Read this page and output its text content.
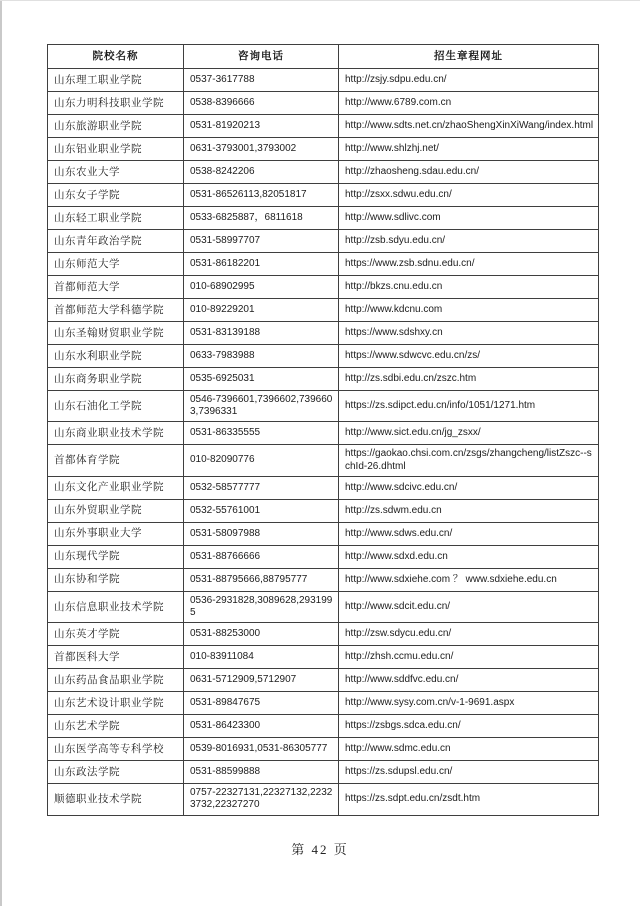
院校名称	咨询电话	招生章程网址
山东理工职业学院	0537-3617788	http://zsjy.sdpu.edu.cn/
山东力明科技职业学院	0538-8396666	http://www.6789.com.cn
山东旅游职业学院	0531-81920213	http://www.sdts.net.cn/zhaoShengXinXiWang/index.html
山东铝业职业学院	0631-3793001,3793002	http://www.shlzhj.net/
山东农业大学	0538-8242206	http://zhaosheng.sdau.edu.cn/
山东女子学院	0531-86526113,82051817	http://zsxx.sdwu.edu.cn/
山东轻工职业学院	0533-6825887，6811618	http://www.sdlivc.com
山东青年政治学院	0531-58997707	http://zsb.sdyu.edu.cn/
山东师范大学	0531-86182201	https://www.zsb.sdnu.edu.cn/
首都师范大学	010-68902995	http://bkzs.cnu.edu.cn
首都师范大学科德学院	010-89229201	http://www.kdcnu.com
山东圣翰财贸职业学院	0531-83139188	https://www.sdshxy.cn
山东水利职业学院	0633-7983988	https://www.sdwcvc.edu.cn/zs/
山东商务职业学院	0535-6925031	http://zs.sdbi.edu.cn/zszc.htm
山东石油化工学院	0546-7396601,7396602,7396603,7396331	https://zs.sdipct.edu.cn/info/1051/1271.htm
山东商业职业技术学院	0531-86335555	http://www.sict.edu.cn/jg_zsxx/
首都体育学院	010-82090776	https://gaokao.chsi.com.cn/zsgs/zhangcheng/listZszc--schId-26.dhtml
山东文化产业职业学院	0532-58577777	http://www.sdcivc.edu.cn/
山东外贸职业学院	0532-55761001	http://zs.sdwm.edu.cn
山东外事职业大学	0531-58097988	http://www.sdws.edu.cn/
山东现代学院	0531-88766666	http://www.sdxd.edu.cn
山东协和学院	0531-88795666,88795777	http://www.sdxiehe.com ？ www.sdxiehe.edu.cn
山东信息职业技术学院	0536-2931828,3089628,2931995	http://www.sdcit.edu.cn/
山东英才学院	0531-88253000	http://zsw.sdycu.edu.cn/
首都医科大学	010-83911084	http://zhsh.ccmu.edu.cn/
山东药品食品职业学院	0631-5712909,5712907	http://www.sddfvc.edu.cn/
山东艺术设计职业学院	0531-89847675	http://www.sysy.com.cn/v-1-9691.aspx
山东艺术学院	0531-86423300	https://zsbgs.sdca.edu.cn/
山东医学高等专科学校	0539-8016931,0531-86305777	http://www.sdmc.edu.cn
山东政法学院	0531-88599888	https://zs.sdupsl.edu.cn/
顺德职业技术学院	0757-22327131,22327132,22323732,22327270	https://zs.sdpt.edu.cn/zsdt.htm
第 42 页
